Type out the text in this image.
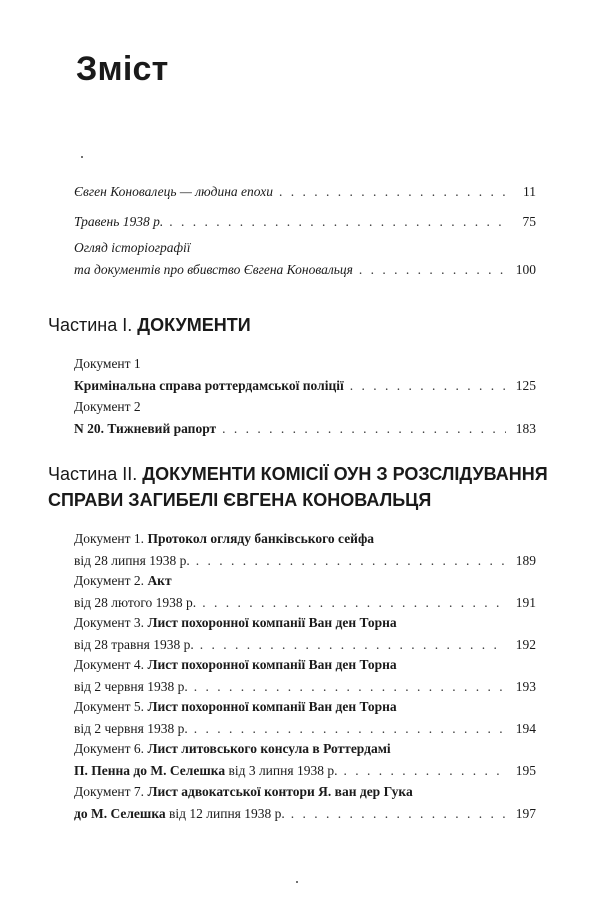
Зміст
Євген Коновалець — людина епохи . . .	11
Травень 1938 р. . . .	75
Огляд історіографії
та документів про вбивство Євгена Коновальця . . .	100

Частина І. ДОКУМЕНТИ

Документ 1
Кримінальна справа роттердамської поліції . . .	125
Документ 2
N 20. Тижневий рапорт . . .	183

Частина ІІ. ДОКУМЕНТИ КОМІСІЇ ОУН З РОЗСЛІДУВАННЯ
СПРАВИ ЗАГИБЕЛІ ЄВГЕНА КОНОВАЛЬЦЯ

Документ 1. Протокол огляду банківського сейфа
від 28 липня 1938 р. . . .	189
Документ 2. Акт
від 28 лютого 1938 р. . . .	191
Документ 3. Лист похоронної компанії Ван ден Торна
від 28 травня 1938 р. . . .	192
Документ 4. Лист похоронної компанії Ван ден Торна
від 2 червня 1938 р. . . .	193
Документ 5. Лист похоронної компанії Ван ден Торна
від 2 червня 1938 р. . . .	194
Документ 6. Лист литовського консула в Роттердамі
П. Пенна до М. Селешка від 3 липня 1938 р. . . .	195
Документ 7. Лист адвокатської контори Я. ван дер Гука
до М. Селешка від 12 липня 1938 р. . . .	197
